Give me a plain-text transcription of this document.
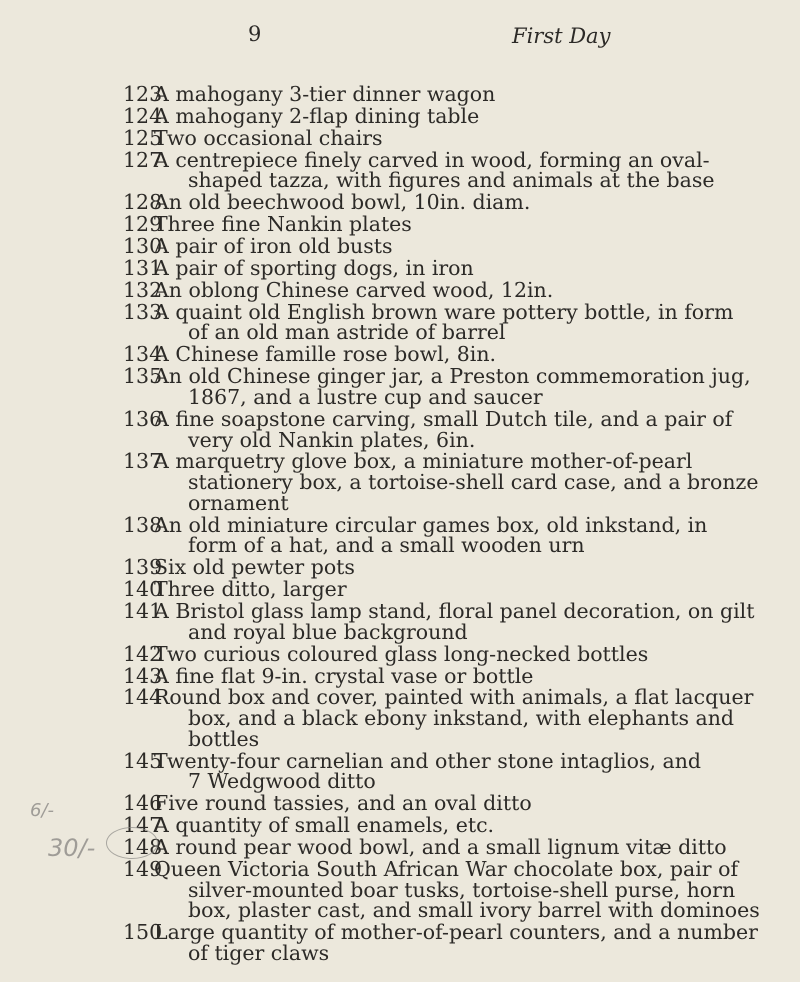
9	First Day
123
A mahogany 3-tier dinner wagon
124
A mahogany 2-flap dining table
125
Two occasional chairs
127
A centrepiece finely carved in wood, forming an oval-
shaped tazza, with figures and animals at the base
128
An old beechwood bowl, 10in. diam.
129
Three fine Nankin plates
130
A pair of iron old busts
131
A pair of sporting dogs, in iron
132
An oblong Chinese carved wood, 12in.
133
A quaint old English brown ware pottery bottle, in form
of an old man astride of barrel
134
A Chinese famille rose bowl, 8in.
135
An old Chinese ginger jar, a Preston commemoration jug,
1867, and a lustre cup and saucer
136
A fine soapstone carving, small Dutch tile, and a pair of
very old Nankin plates, 6in.
137
A marquetry glove box, a miniature mother-of-pearl
stationery box, a tortoise-shell card case, and a bronze
ornament
138
An old miniature circular games box, old inkstand, in
form of a hat, and a small wooden urn
139
Six old pewter pots
140
Three ditto, larger
141
A Bristol glass lamp stand, floral panel decoration, on gilt
and royal blue background
142
Two curious coloured glass long-necked bottles
143
A fine flat 9-in. crystal vase or bottle
144
Round box and cover, painted with animals, a flat lacquer
box, and a black ebony inkstand, with elephants and
bottles
145
Twenty-four carnelian and other stone intaglios, and
7 Wedgwood ditto
146
Five round tassies, and an oval ditto
147
A quantity of small enamels, etc.
148
A round pear wood bowl, and a small lignum vitæ ditto
149
Queen Victoria South African War chocolate box, pair of
silver-mounted boar tusks, tortoise-shell purse, horn
box, plaster cast, and small ivory barrel with dominoes
150
Large quantity of mother-of-pearl counters, and a number
of tiger claws
30/-
6/-
